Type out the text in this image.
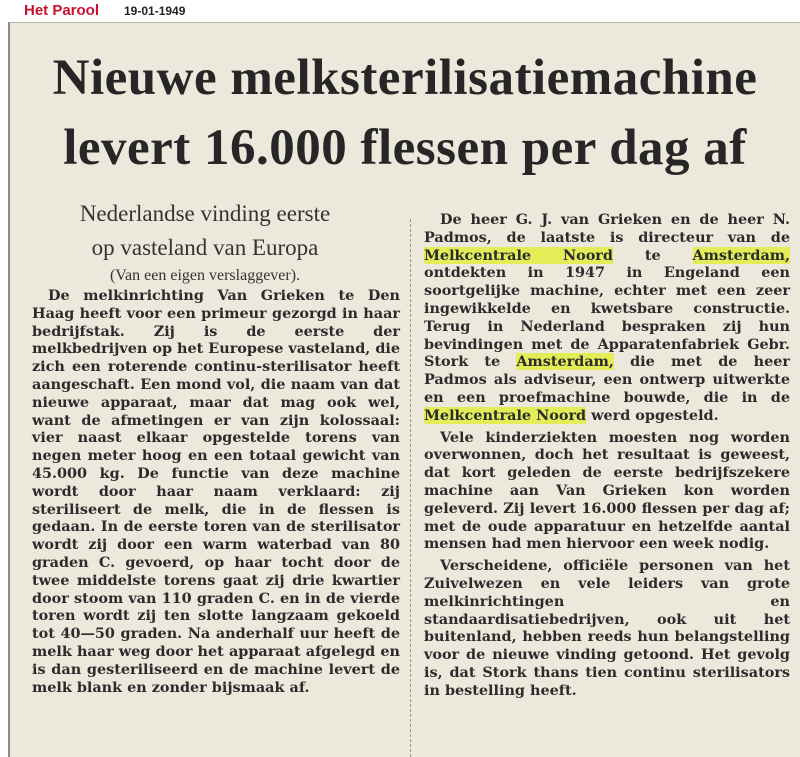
Het Parool 19-01-1949
Nieuwe melksterilisatiemachine
levert 16.000 flessen per dag af
Nederlandse vinding eerste
op vasteland van Europa
(Van een eigen verslaggever).

De melkinrichting Van Grieken te Den Haag heeft voor een primeur gezorgd in haar bedrijfstak. Zij is de eerste der melkbedrijven op het Europese vasteland, die zich een roterende continu-sterilisator heeft aangeschaft. Een mond vol, die naam van dat nieuwe apparaat, maar dat mag ook wel, want de afmetingen er van zijn kolossaal: vier naast elkaar opgestelde torens van negen meter hoog en een totaal gewicht van 45.000 kg. De functie van deze machine wordt door haar naam verklaard: zij steriliseert de melk, die in de flessen is gedaan. In de eerste toren van de sterilisator wordt zij door een warm waterbad van 80 graden C. gevoerd, op haar tocht door de twee middelste torens gaat zij drie kwartier door stoom van 110 graden C. en in de vierde toren wordt zij ten slotte langzaam gekoeld tot 40—50 graden. Na anderhalf uur heeft de melk haar weg door het apparaat afgelegd en is dan gesteriliseerd en de machine levert de melk blank en zonder bijsmaak af.

De heer G. J. van Grieken en de heer N. Padmos, de laatste is directeur van de Melkcentrale Noord te Amsterdam, ontdekten in 1947 in Engeland een soortgelijke machine, echter met een zeer ingewikkelde en kwetsbare constructie. Terug in Nederland bespraken zij hun bevindingen met de Apparatenfabriek Gebr. Stork te Amsterdam, die met de heer Padmos als adviseur, een ontwerp uitwerkte en een proefmachine bouwde, die in de Melkcentrale Noord werd opgesteld.

Vele kinderziekten moesten nog worden overwonnen, doch het resultaat is geweest, dat kort geleden de eerste bedrijfszekere machine aan Van Grieken kon worden geleverd. Zij levert 16.000 flessen per dag af; met de oude apparatuur en hetzelfde aantal mensen had men hiervoor een week nodig.

Verscheidene, officiële personen van het Zuivelwezen en vele leiders van grote melkinrichtingen en standaardisatiebedrijven, ook uit het buitenland, hebben reeds hun belangstelling voor de nieuwe vinding getoond. Het gevolg is, dat Stork thans tien continu sterilisators in bestelling heeft.
